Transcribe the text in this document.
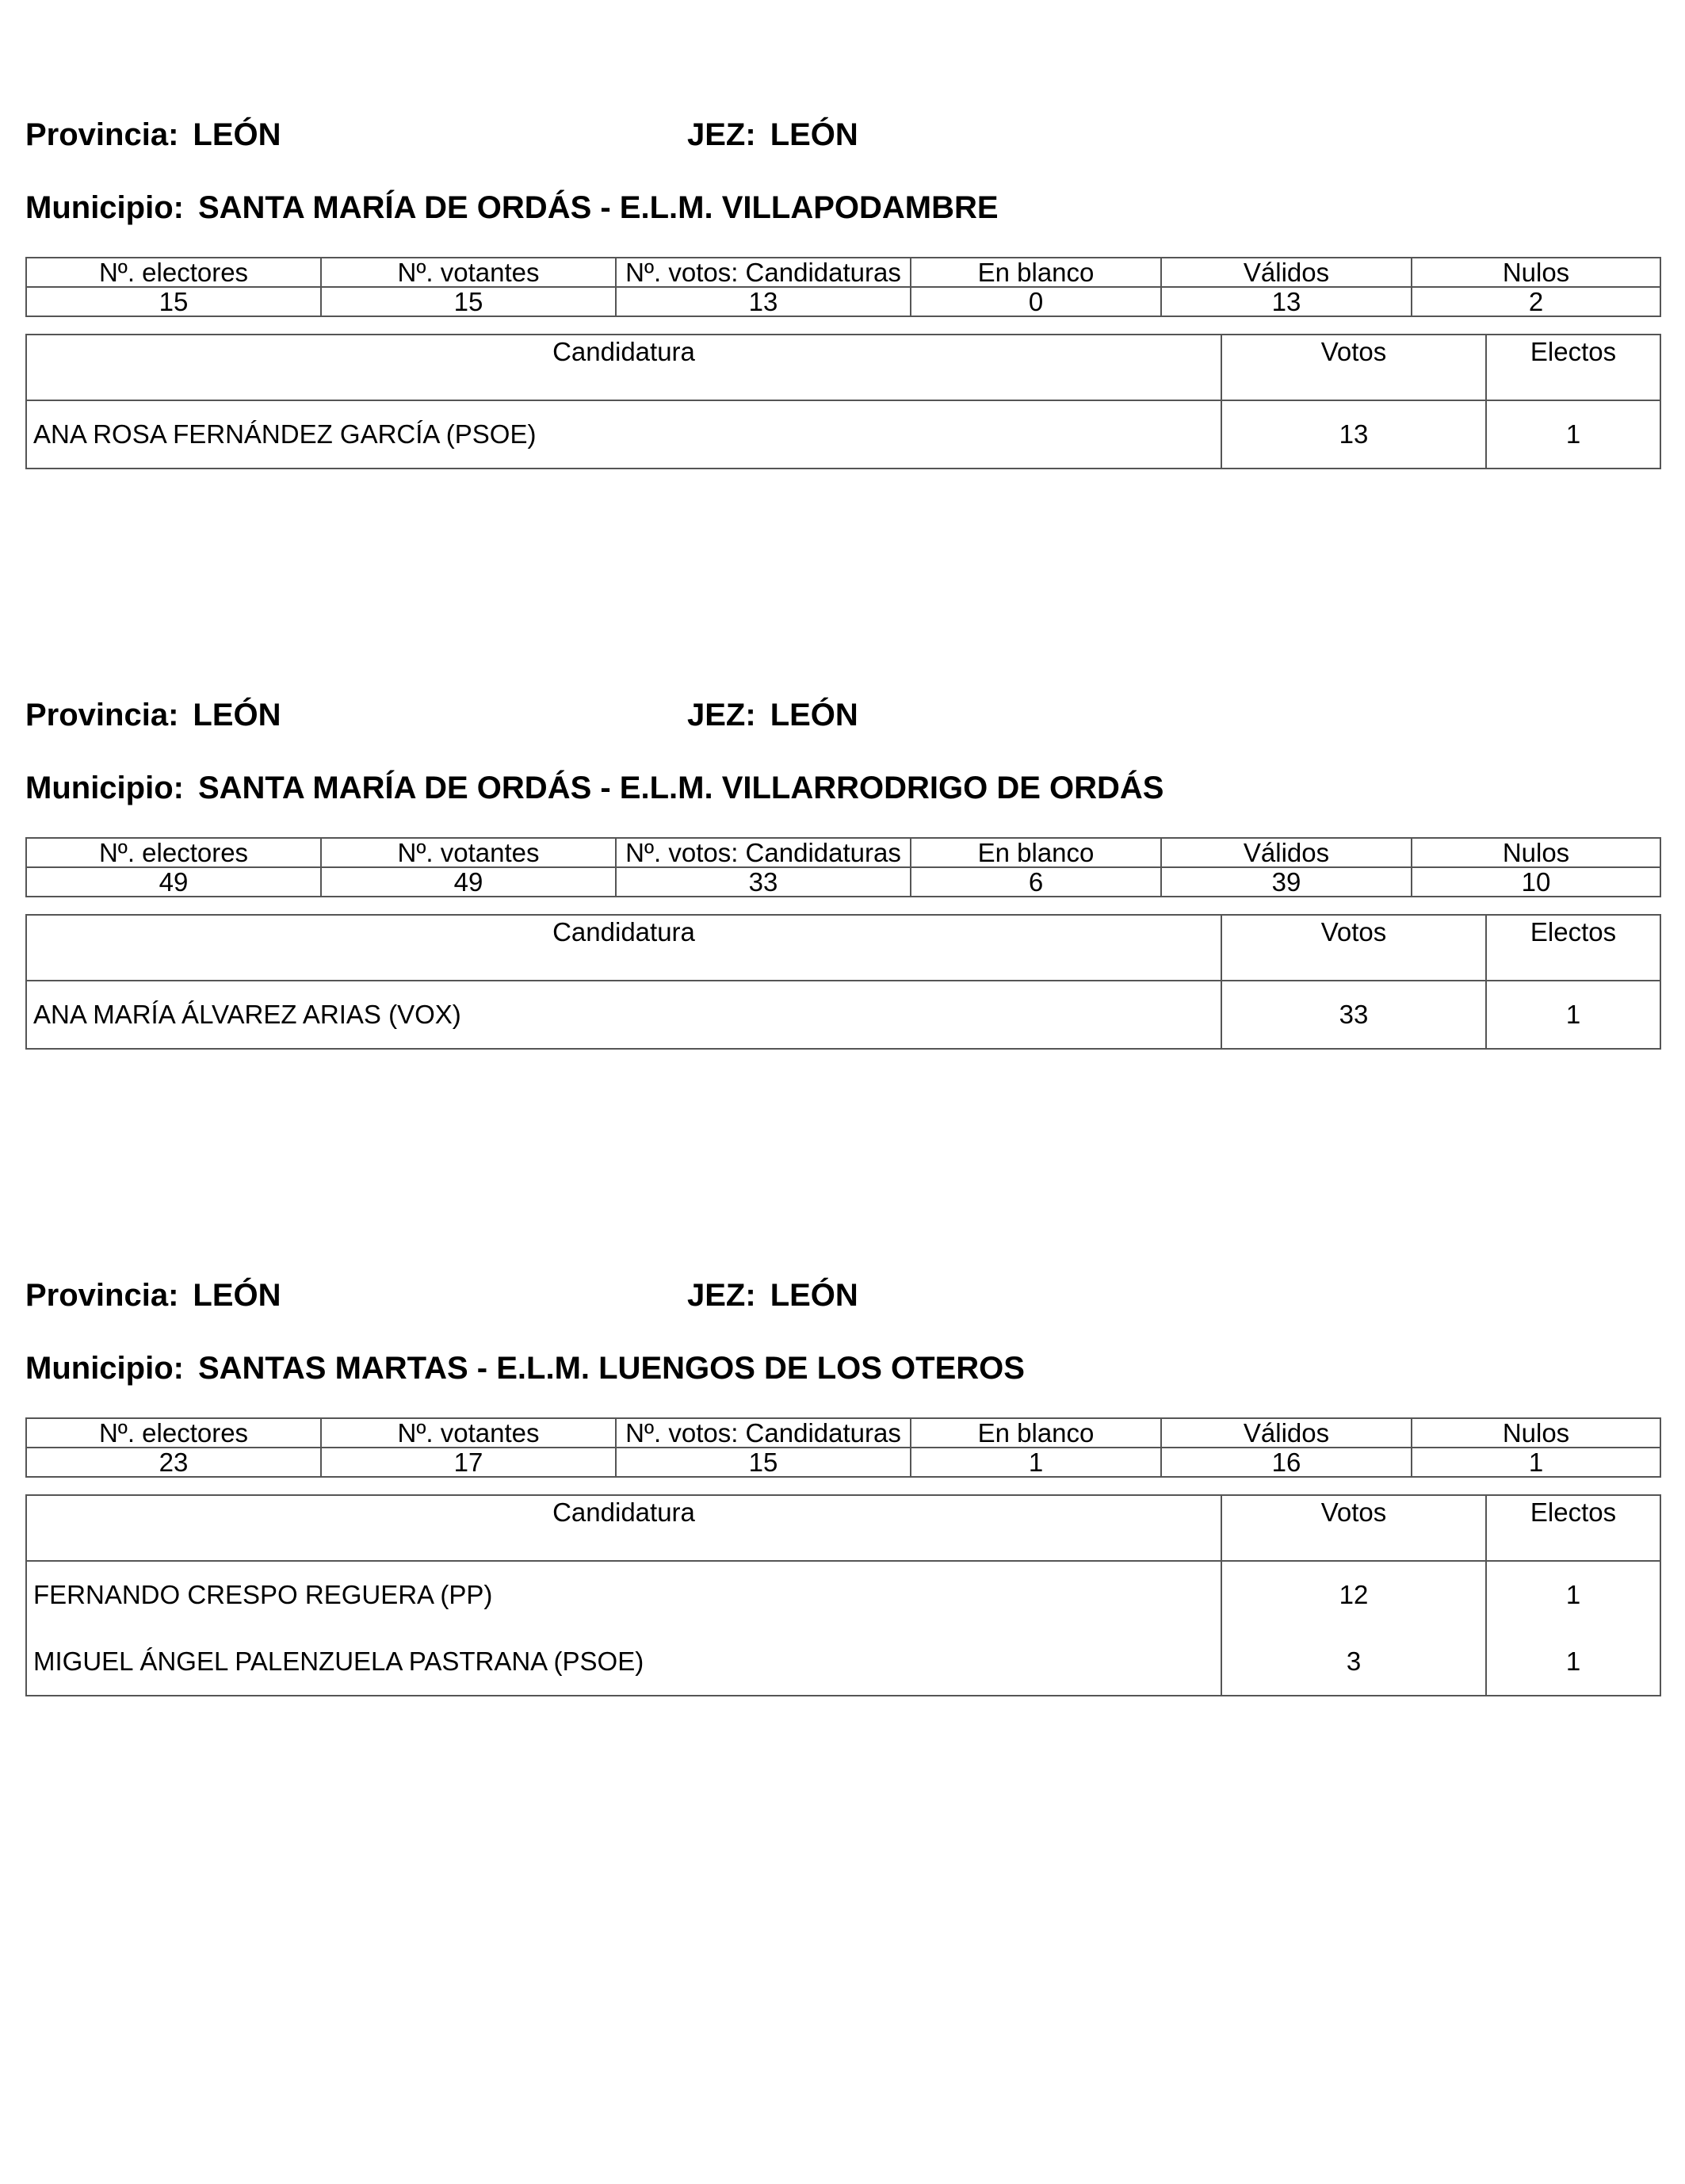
Provincia: LEÓN	JEZ: LEÓN
Municipio: SANTA MARÍA DE ORDÁS - E.L.M. VILLAPODAMBRE
Nº. electores	Nº. votantes	Nº. votos: Candidaturas	En blanco	Válidos	Nulos
15	15	13	0	13	2
Candidatura	Votos	Electos
ANA ROSA FERNÁNDEZ GARCÍA (PSOE)	13	1
Provincia: LEÓN	JEZ: LEÓN
Municipio: SANTA MARÍA DE ORDÁS - E.L.M. VILLARRODRIGO DE ORDÁS
Nº. electores	Nº. votantes	Nº. votos: Candidaturas	En blanco	Válidos	Nulos
49	49	33	6	39	10
Candidatura	Votos	Electos
ANA MARÍA ÁLVAREZ ARIAS (VOX)	33	1
Provincia: LEÓN	JEZ: LEÓN
Municipio: SANTAS MARTAS - E.L.M. LUENGOS DE LOS OTEROS
Nº. electores	Nº. votantes	Nº. votos: Candidaturas	En blanco	Válidos	Nulos
23	17	15	1	16	1
Candidatura	Votos	Electos
FERNANDO CRESPO REGUERA (PP)	12	1
MIGUEL ÁNGEL PALENZUELA PASTRANA (PSOE)	3	1
